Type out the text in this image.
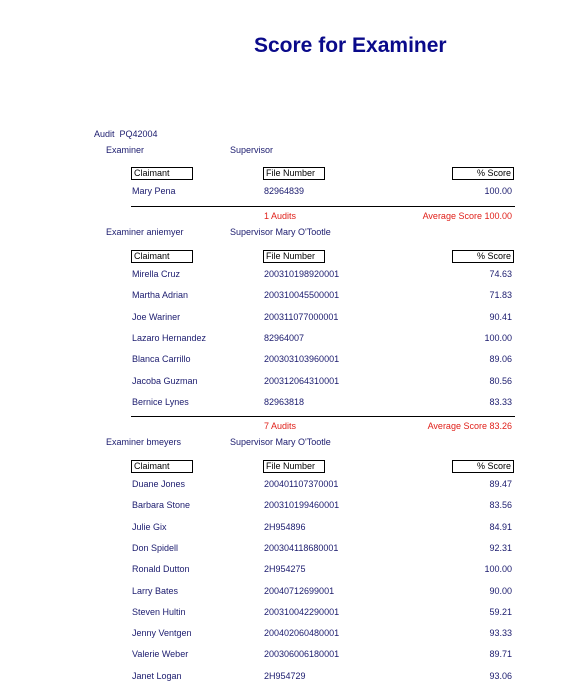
Score for Examiner
Audit PQ42004
Examiner	Supervisor
Claimant	File Number	% Score
Mary Pena	82964839	100.00
1 Audits	Average Score 100.00
Examiner aniemyer	Supervisor Mary O'Tootle
Claimant	File Number	% Score
Mirella Cruz	200310198920001	74.63
Martha Adrian	200310045500001	71.83
Joe Wariner	200311077000001	90.41
Lazaro Hernandez	82964007	100.00
Blanca Carrillo	200303103960001	89.06
Jacoba Guzman	200312064310001	80.56
Bernice Lynes	82963818	83.33
7 Audits	Average Score 83.26
Examiner bmeyers	Supervisor Mary O'Tootle
Claimant	File Number	% Score
Duane Jones	200401107370001	89.47
Barbara Stone	200310199460001	83.56
Julie Gix	2H954896	84.91
Don Spidell	200304118680001	92.31
Ronald Dutton	2H954275	100.00
Larry Bates	20040712699001	90.00
Steven Hultin	200310042290001	59.21
Jenny Ventgen	200402060480001	93.33
Valerie Weber	200306006180001	89.71
Janet Logan	2H954729	93.06
